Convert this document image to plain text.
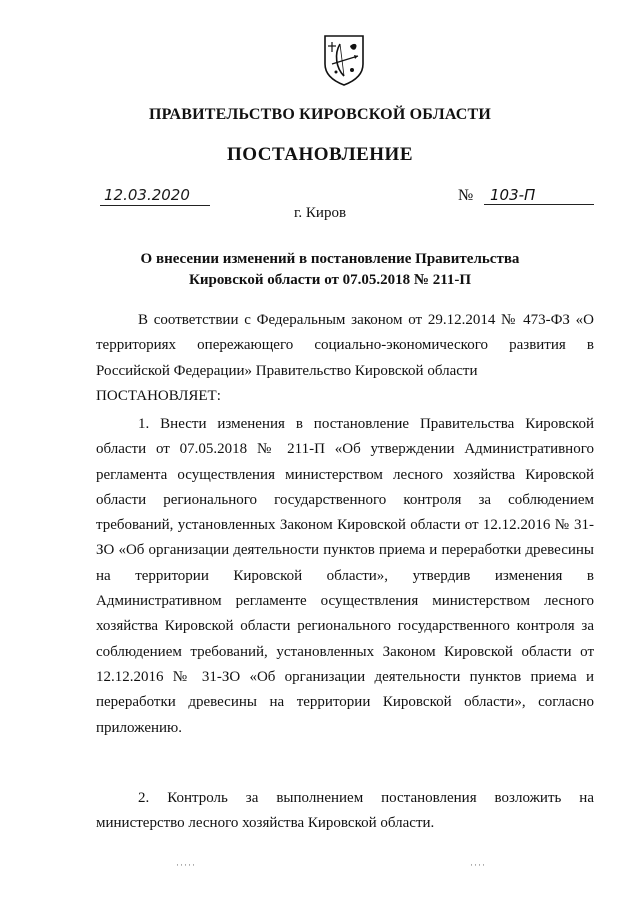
ПРАВИТЕЛЬСТВО КИРОВСКОЙ ОБЛАСТИ
ПОСТАНОВЛЕНИЕ
12.03.2020	№	103-П
г. Киров
О внесении изменений в постановление Правительства
Кировской области от 07.05.2018 № 211-П
В соответствии с Федеральным законом от 29.12.2014 № 473-ФЗ «О территориях опережающего социально-экономического развития в Российской Федерации» Правительство Кировской области
ПОСТАНОВЛЯЕТ:
1. Внести изменения в постановление Правительства Кировской области от 07.05.2018 № 211-П «Об утверждении Административного регламента осуществления министерством лесного хозяйства Кировской области регионального государственного контроля за соблюдением требований, установленных Законом Кировской области от 12.12.2016 № 31-ЗО «Об организации деятельности пунктов приема и переработки древесины на территории Кировской области», утвердив изменения в Административном регламенте осуществления министерством лесного хозяйства Кировской области регионального государственного контроля за соблюдением требований, установленных Законом Кировской области от 12.12.2016 № 31-ЗО «Об организации деятельности пунктов приема и переработки древесины на территории Кировской области», согласно приложению.
2. Контроль за выполнением постановления возложить на министерство лесного хозяйства Кировской области.
·····	····
